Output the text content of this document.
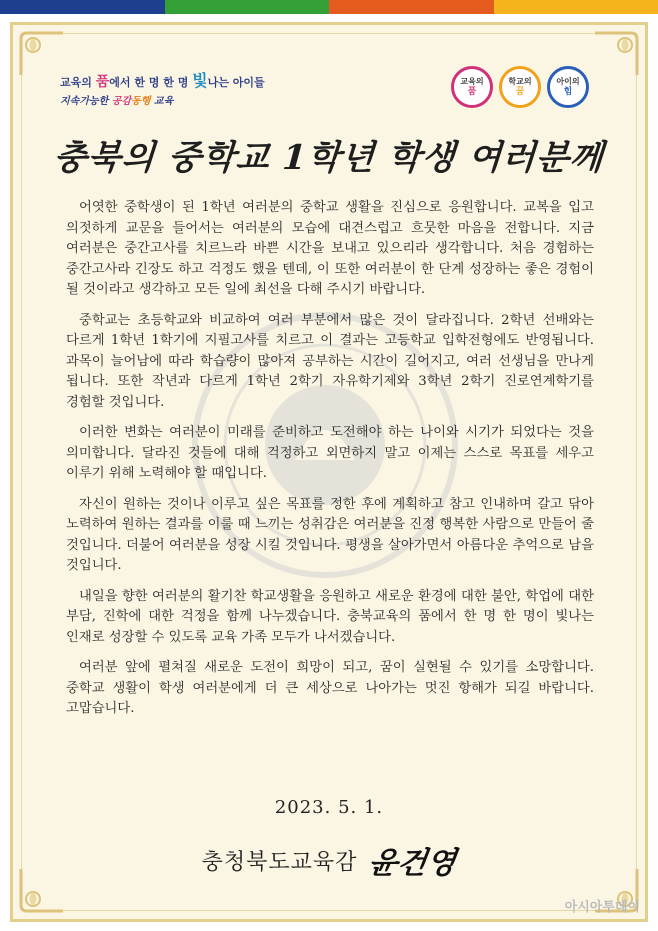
교육의 품에서 한 명 한 명 빛나는 아이들
지속가능한 공감동행 교육
교육의
품
학교의
꿈
아이의
힘
충북의 중학교 1학년 학생 여러분께

어엿한 중학생이 된 1학년 여러분의 중학교 생활을 진심으로 응원합니다. 교복을 입고 의젓하게 교문을 들어서는 여러분의 모습에 대견스럽고 흐뭇한 마음을 전합니다. 지금 여러분은 중간고사를 치르느라 바쁜 시간을 보내고 있으리라 생각합니다. 처음 경험하는 중간고사라 긴장도 하고 걱정도 했을 텐데, 이 또한 여러분이 한 단계 성장하는 좋은 경험이 될 것이라고 생각하고 모든 일에 최선을 다해 주시기 바랍니다.

중학교는 초등학교와 비교하여 여러 부분에서 많은 것이 달라집니다. 2학년 선배와는 다르게 1학년 1학기에 지필고사를 치르고 이 결과는 고등학교 입학전형에도 반영됩니다. 과목이 늘어남에 따라 학습량이 많아져 공부하는 시간이 길어지고, 여러 선생님을 만나게 됩니다. 또한 작년과 다르게 1학년 2학기 자유학기제와 3학년 2학기 진로연계학기를 경험할 것입니다.

이러한 변화는 여러분이 미래를 준비하고 도전해야 하는 나이와 시기가 되었다는 것을 의미합니다. 달라진 것들에 대해 걱정하고 외면하지 말고 이제는 스스로 목표를 세우고 이루기 위해 노력해야 할 때입니다.

자신이 원하는 것이나 이루고 싶은 목표를 정한 후에 계획하고 참고 인내하며 갈고 닦아 노력하여 원하는 결과를 이룰 때 느끼는 성취감은 여러분을 진정 행복한 사람으로 만들어 줄 것입니다. 더불어 여러분을 성장 시킬 것입니다. 평생을 살아가면서 아름다운 추억으로 남을 것입니다.

내일을 향한 여러분의 활기찬 학교생활을 응원하고 새로운 환경에 대한 불안, 학업에 대한 부담, 진학에 대한 걱정을 함께 나누겠습니다. 충북교육의 품에서 한 명 한 명이 빛나는 인재로 성장할 수 있도록 교육 가족 모두가 나서겠습니다.

여러분 앞에 펼쳐질 새로운 도전이 희망이 되고, 꿈이 실현될 수 있기를 소망합니다. 중학교 생활이 학생 여러분에게 더 큰 세상으로 나아가는 멋진 항해가 되길 바랍니다. 고맙습니다.

2023. 5. 1.
충청북도교육감 윤건영
아시아투데이
